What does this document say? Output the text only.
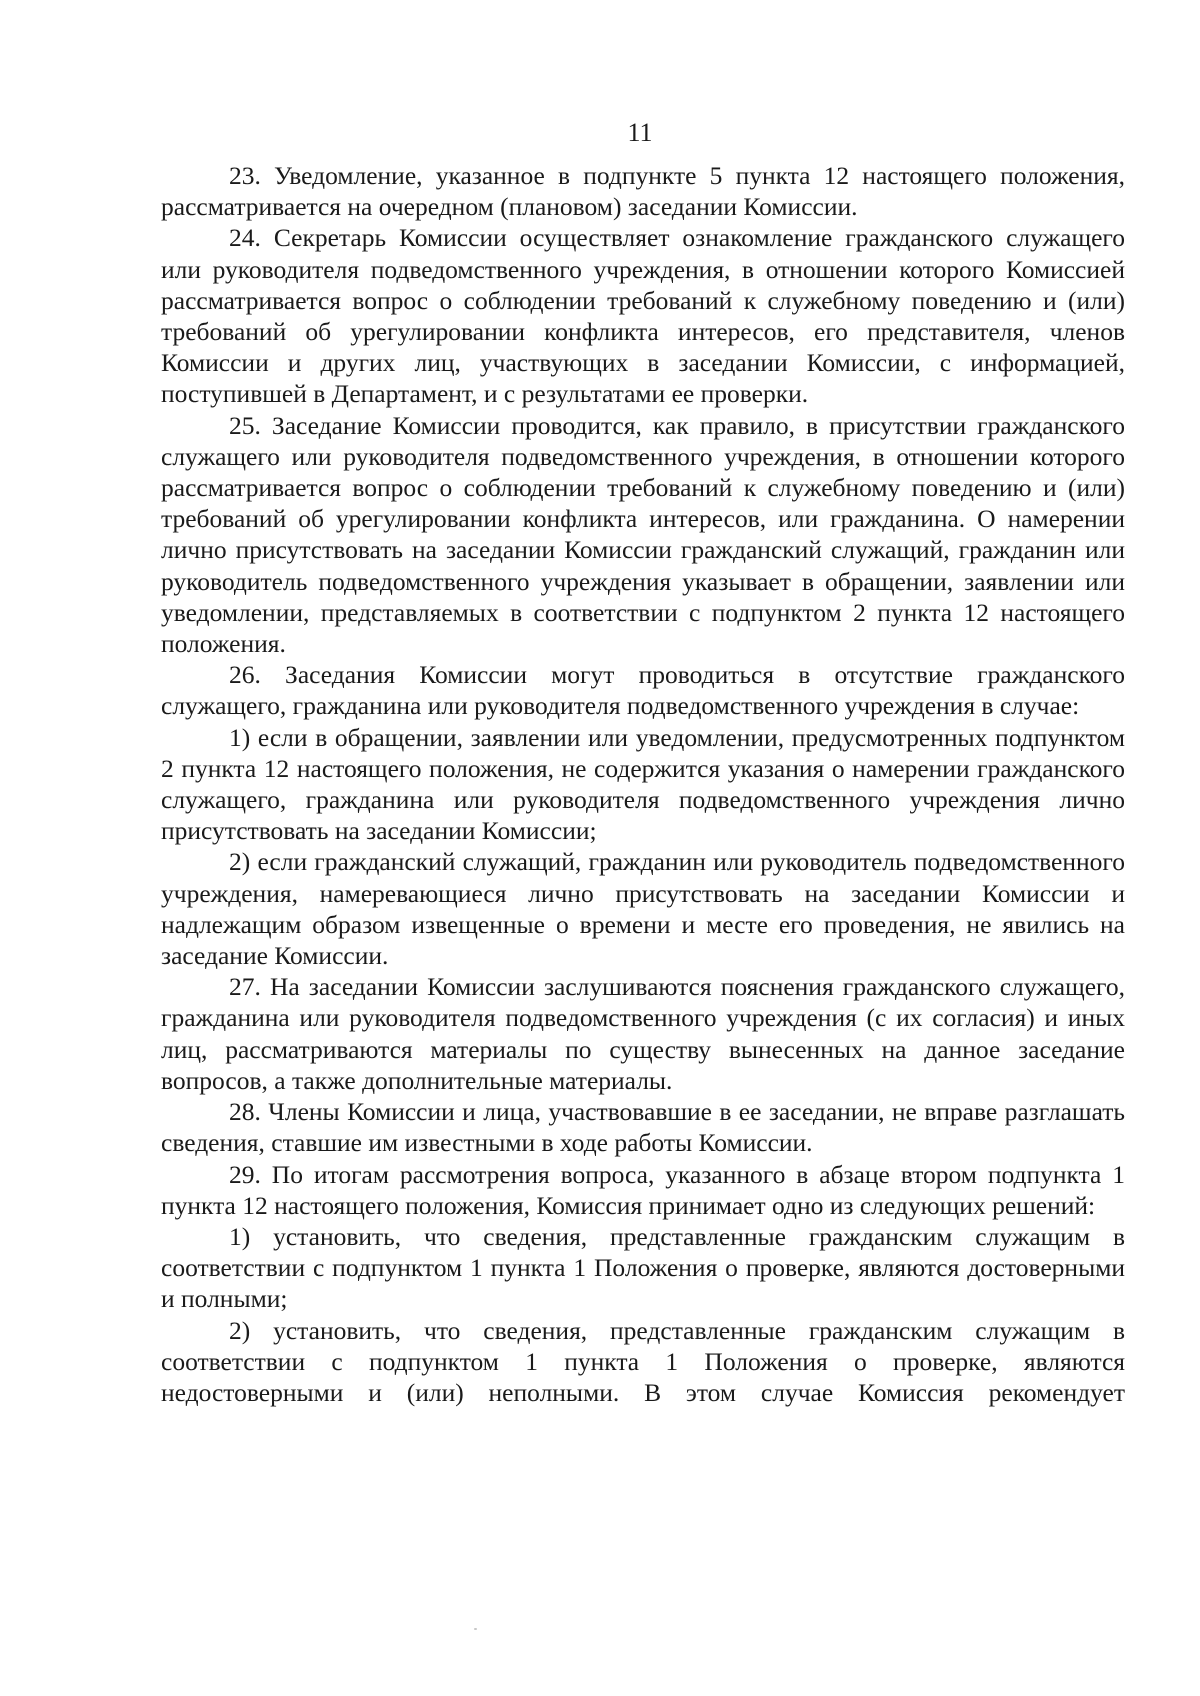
11

23. Уведомление, указанное в подпункте 5 пункта 12 настоящего положения, рассматривается на очередном (плановом) заседании Комиссии.

24. Секретарь Комиссии осуществляет ознакомление гражданского служащего или руководителя подведомственного учреждения, в отношении которого Комиссией рассматривается вопрос о соблюдении требований к служебному поведению и (или) требований об урегулировании конфликта интересов, его представителя, членов Комиссии и других лиц, участвующих в заседании Комиссии, с информацией, поступившей в Департамент, и с результатами ее проверки.

25. Заседание Комиссии проводится, как правило, в присутствии гражданского служащего или руководителя подведомственного учреждения, в отношении которого рассматривается вопрос о соблюдении требований к служебному поведению и (или) требований об урегулировании конфликта интересов, или гражданина. О намерении лично присутствовать на заседании Комиссии гражданский служащий, гражданин или руководитель подведомственного учреждения указывает в обращении, заявлении или уведомлении, представляемых в соответствии с подпунктом 2 пункта 12 настоящего положения.

26. Заседания Комиссии могут проводиться в отсутствие гражданского служащего, гражданина или руководителя подведомственного учреждения в случае:

1) если в обращении, заявлении или уведомлении, предусмотренных подпунктом 2 пункта 12 настоящего положения, не содержится указания о намерении гражданского служащего, гражданина или руководителя подведомственного учреждения лично присутствовать на заседании Комиссии;

2) если гражданский служащий, гражданин или руководитель подведомственного учреждения, намеревающиеся лично присутствовать на заседании Комиссии и надлежащим образом извещенные о времени и месте его проведения, не явились на заседание Комиссии.

27. На заседании Комиссии заслушиваются пояснения гражданского служащего, гражданина или руководителя подведомственного учреждения (с их согласия) и иных лиц, рассматриваются материалы по существу вынесенных на данное заседание вопросов, а также дополнительные материалы.

28. Члены Комиссии и лица, участвовавшие в ее заседании, не вправе разглашать сведения, ставшие им известными в ходе работы Комиссии.

29. По итогам рассмотрения вопроса, указанного в абзаце втором подпункта 1 пункта 12 настоящего положения, Комиссия принимает одно из следующих решений:

1) установить, что сведения, представленные гражданским служащим в соответствии с подпунктом 1 пункта 1 Положения о проверке, являются достоверными и полными;

2) установить, что сведения, представленные гражданским служащим в соответствии с подпунктом 1 пункта 1 Положения о проверке, являются недостоверными и (или) неполными. В этом случае Комиссия рекомендует
